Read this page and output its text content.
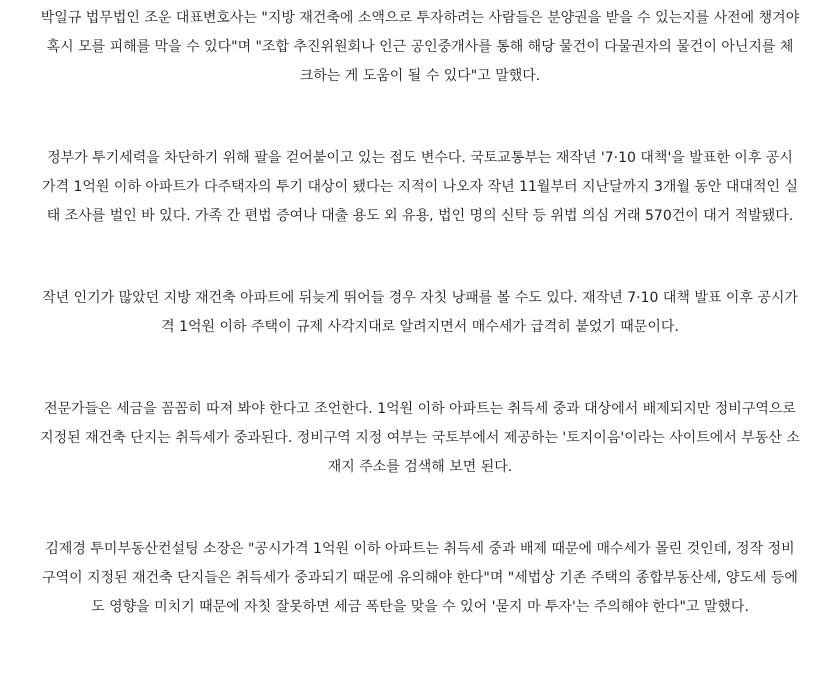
박일규 법무법인 조운 대표변호사는 "지방 재건축에 소액으로 투자하려는 사람들은 분양권을 받을 수 있는지를 사전에 챙겨야
혹시 모를 피해를 막을 수 있다"며 "조합 추진위원회나 인근 공인중개사를 통해 해당 물건이 다물권자의 물건이 아닌지를 체
크하는 게 도움이 될 수 있다"고 말했다.

정부가 투기세력을 차단하기 위해 팔을 걷어붙이고 있는 점도 변수다. 국토교통부는 재작년 '7·10 대책'을 발표한 이후 공시
가격 1억원 이하 아파트가 다주택자의 투기 대상이 됐다는 지적이 나오자 작년 11월부터 지난달까지 3개월 동안 대대적인 실
태 조사를 벌인 바 있다. 가족 간 편법 증여나 대출 용도 외 유용, 법인 명의 신탁 등 위법 의심 거래 570건이 대거 적발됐다.

작년 인기가 많았던 지방 재건축 아파트에 뒤늦게 뛰어들 경우 자칫 낭패를 볼 수도 있다. 재작년 7·10 대책 발표 이후 공시가
격 1억원 이하 주택이 규제 사각지대로 알려지면서 매수세가 급격히 붙었기 때문이다.

전문가들은 세금을 꼼꼼히 따져 봐야 한다고 조언한다. 1억원 이하 아파트는 취득세 중과 대상에서 배제되지만 정비구역으로
지정된 재건축 단지는 취득세가 중과된다. 정비구역 지정 여부는 국토부에서 제공하는 '토지이음'이라는 사이트에서 부동산 소
재지 주소를 검색해 보면 된다.

김제경 투미부동산컨설팅 소장은 "공시가격 1억원 이하 아파트는 취득세 중과 배제 때문에 매수세가 몰린 것인데, 정작 정비
구역이 지정된 재건축 단지들은 취득세가 중과되기 때문에 유의해야 한다"며 "세법상 기존 주택의 종합부동산세, 양도세 등에
도 영향을 미치기 때문에 자칫 잘못하면 세금 폭탄을 맞을 수 있어 '묻지 마 투자'는 주의해야 한다"고 말했다.
